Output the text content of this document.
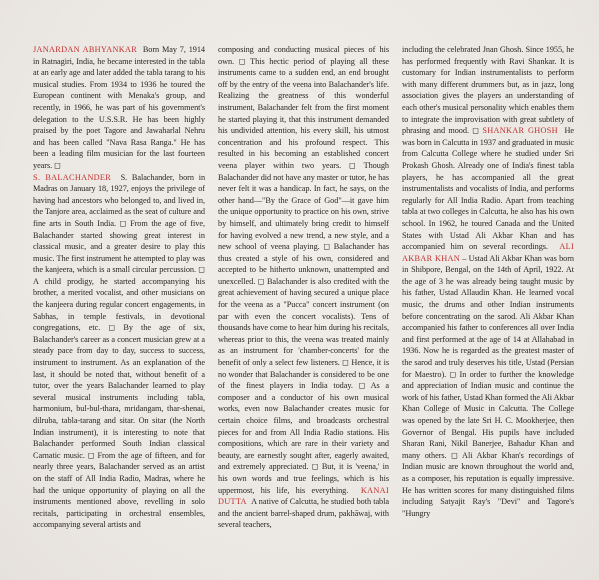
JANARDAN ABHYANKAR Born May 7, 1914 in Ratnagiri, India, he became interested in the tabla at an early age and later added the tabla tarang to his musical studies. From 1934 to 1936 he toured the European continent with Menaka's group, and recently, in 1966, he was part of his government's delegation to the U.S.S.R. He has been highly praised by the poet Tagore and Jawaharlal Nehru and has been called "Nava Rasa Ranga." He has been a leading film musician for the last fourteen years. ◻

S. BALACHANDER S. Balachander, born in Madras on January 18, 1927, enjoys the privilege of having had ancestors who belonged to, and lived in, the Tanjore area, acclaimed as the seat of culture and fine arts in South India. ◻ From the age of five, Balachander started showing great interest in classical music, and a greater desire to play this music. The first instrument he attempted to play was the kanjeera, which is a small circular percussion. ◻ A child prodigy, he started accompanying his brother, a merited vocalist, and other musicians on the kanjeera during regular concert engagements, in Sabhas, in temple festivals, in devotional congregations, etc. ◻ By the age of six, Balachander's career as a concert musician grew at a steady pace from day to day, success to success, instrument to instrument. As an explanation of the last, it should be noted that, without benefit of a tutor, over the years Balachander learned to play several musical instruments including tabla, harmonium, bul-bul-thara, mridangam, thar-shenai, dilruba, tabla-tarang and sitar. On sitar (the North Indian instrument), it is interesting to note that Balachander performed South Indian classical Carnatic music. ◻ From the age of fifteen, and for nearly three years, Balachander served as an artist on the staff of All India Radio, Madras, where he had the unique opportunity of playing on all the instruments mentioned above, revelling in solo recitals, participating in orchestral ensembles, accompanying several artists and

composing and conducting musical pieces of his own. ◻ This hectic period of playing all these instruments came to a sudden end, an end brought off by the entry of the veena into Balachander's life. Realizing the greatness of this wonderful instrument, Balachander felt from the first moment he started playing it, that this instrument demanded his undivided attention, his every skill, his utmost concentration and his profound respect. This resulted in his becoming an established concert veena player within two years. ◻ Though Balachander did not have any master or tutor, he has never felt it was a handicap. In fact, he says, on the other hand—"By the Grace of God"—it gave him the unique opportunity to practice on his own, strive by himself, and ultimately bring credit to himself for having evolved a new trend, a new style, and a new school of veena playing. ◻ Balachander has thus created a style of his own, considered and accepted to be hitherto unknown, unattempted and unexcelled. ◻ Balachander is also credited with the great achievement of having secured a unique place for the veena as a "Pucca" concert instrument (on par with even the concert vocalists). Tens of thousands have come to hear him during his recitals, whereas prior to this, the veena was treated mainly as an instrument for 'chamber-concerts' for the benefit of only a select few listeners. ◻ Hence, it is no wonder that Balachander is considered to be one of the finest players in India today. ◻ As a composer and a conductor of his own musical works, even now Balachander creates music for certain choice films, and broadcasts orchestral pieces for and from All India Radio stations. His compositions, which are rare in their variety and beauty, are earnestly sought after, eagerly awaited, and extremely appreciated. ◻ But, it is 'veena,' in his own words and true feelings, which is his uppermost, his life, his everything. KANAI DUTTA A native of Calcutta, he studied both tabla and the ancient barrel-shaped drum, pakhāwaj, with several teachers,

including the celebrated Jnan Ghosh. Since 1955, he has performed frequently with Ravi Shankar. It is customary for Indian instrumentalists to perform with many different drummers but, as in jazz, long association gives the players an understanding of each other's musical personality which enables them to integrate the improvisation with great subtlety of phrasing and mood. ◻ SHANKAR GHOSH He was born in Calcutta in 1937 and graduated in music from Calcutta College where he studied under Sri Prokash Ghosh. Already one of India's finest tabla players, he has accompanied all the great instrumentalists and vocalists of India, and performs regularly for All India Radio. Apart from teaching tabla at two colleges in Calcutta, he also has his own school. In 1962, he toured Canada and the United States with Ustad Ali Akbar Khan and has accompanied him on several recordings. ALI AKBAR KHAN – Ustad Ali Akbar Khan was born in Shibpore, Bengal, on the 14th of April, 1922. At the age of 3 he was already being taught music by his father, Ustad Allaudin Khan. He learned vocal music, the drums and other Indian instruments before concentrating on the sarod. Ali Akbar Khan accompanied his father to conferences all over India and first performed at the age of 14 at Allahabad in 1936. Now he is regarded as the greatest master of the sarod and truly deserves his title, Ustad (Persian for Maestro). ◻ In order to further the knowledge and appreciation of Indian music and continue the work of his father, Ustad Khan formed the Ali Akbar Khan College of Music in Calcutta. The College was opened by the late Sri H. C. Mookherjee, then Governor of Bengal. His pupils have included Sharan Rani, Nikil Banerjee, Bahadur Khan and many others. ◻ Ali Akbar Khan's recordings of Indian music are known throughout the world and, as a composer, his reputation is equally impressive. He has written scores for many distinguished films including Satyajit Ray's "Devi" and Tagore's "Hungry
